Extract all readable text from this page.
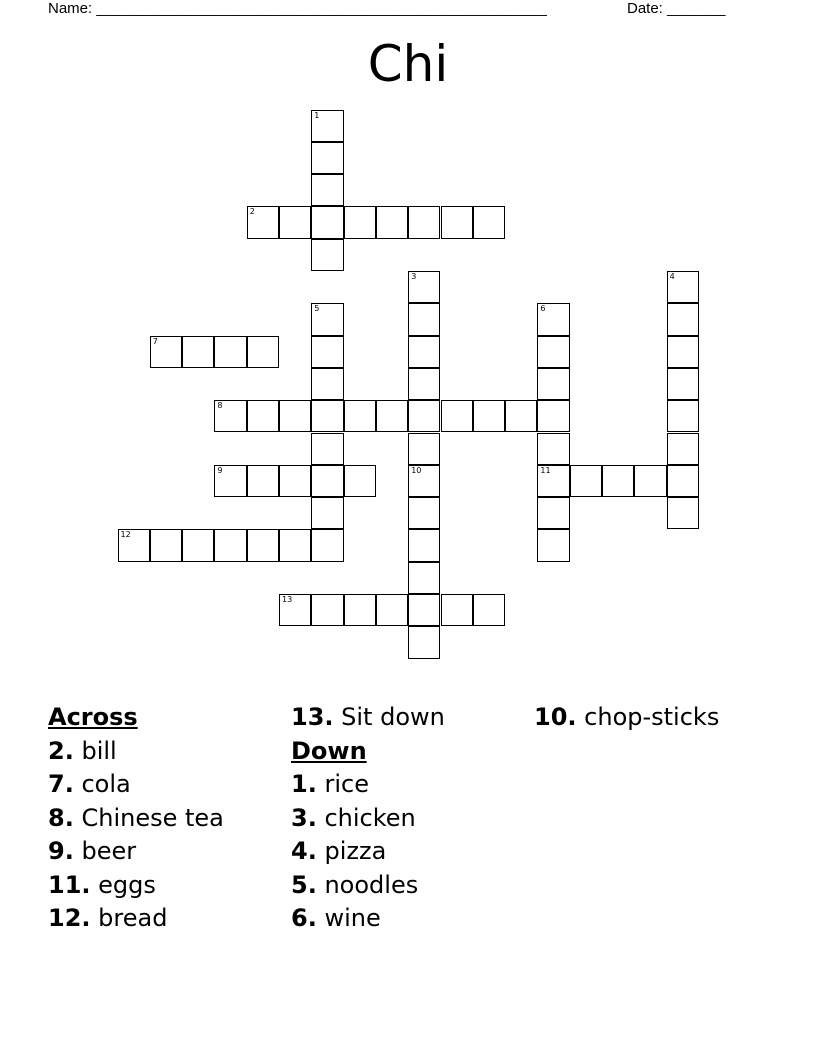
Name: ______________________________________________________	Date: _______
Chi
1
2
3
10
4
5	6
11
7
8
9
12
13
Across
2. bill
7. cola
8. Chinese tea
9. beer
11. eggs
12. bread
13. Sit down
Down
1. rice
3. chicken
4. pizza
5. noodles
6. wine
10. chop-sticks
